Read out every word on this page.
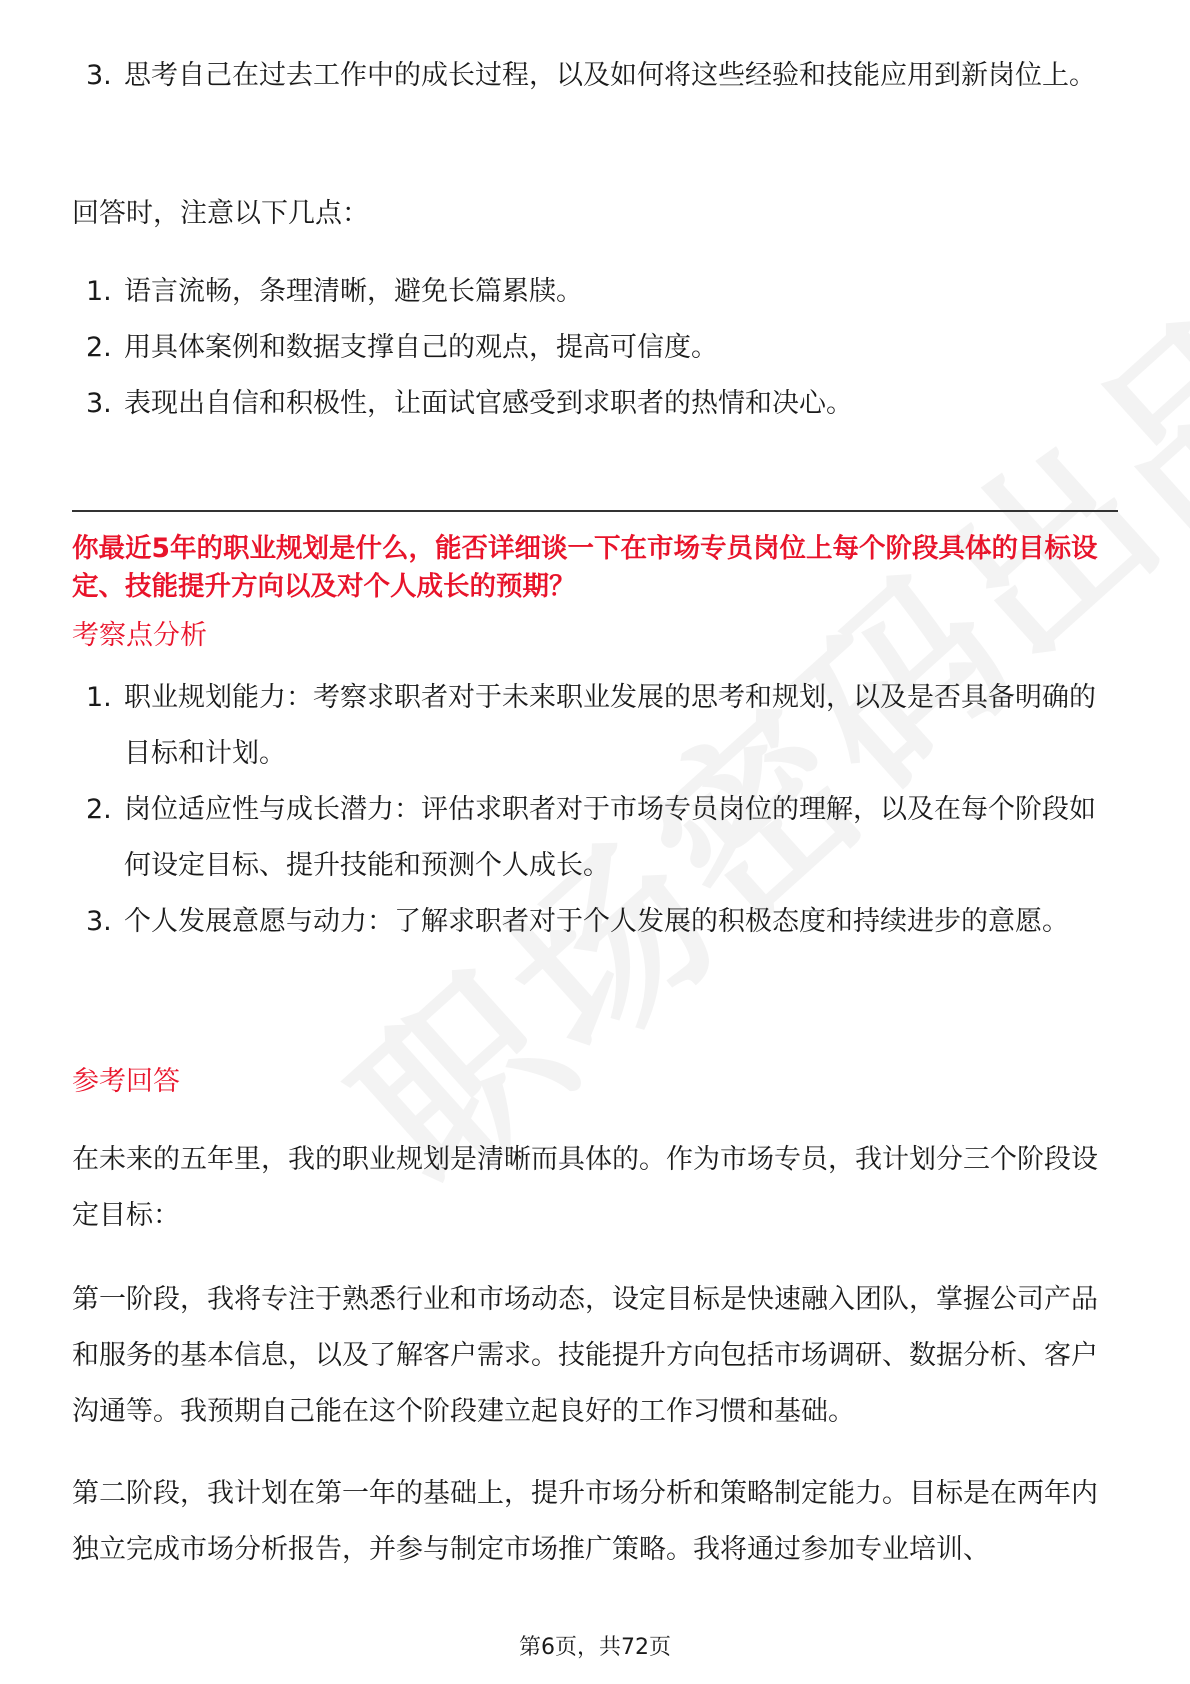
3. 思考自己在过去工作中的成长过程，以及如何将这些经验和技能应用到新岗位上。

回答时，注意以下几点：

1. 语言流畅，条理清晰，避免长篇累牍。
2. 用具体案例和数据支撑自己的观点，提高可信度。
3. 表现出自信和积极性，让面试官感受到求职者的热情和决心。

你最近5年的职业规划是什么，能否详细谈一下在市场专员岗位上每个阶段具体的目标设定、技能提升方向以及对个人成长的预期？

考察点分析

1. 职业规划能力：考察求职者对于未来职业发展的思考和规划，以及是否具备明确的目标和计划。
2. 岗位适应性与成长潜力：评估求职者对于市场专员岗位的理解，以及在每个阶段如何设定目标、提升技能和预测个人成长。
3. 个人发展意愿与动力：了解求职者对于个人发展的积极态度和持续进步的意愿。

参考回答

在未来的五年里，我的职业规划是清晰而具体的。作为市场专员，我计划分三个阶段设定目标：

第一阶段，我将专注于熟悉行业和市场动态，设定目标是快速融入团队，掌握公司产品和服务的基本信息，以及了解客户需求。技能提升方向包括市场调研、数据分析、客户沟通等。我预期自己能在这个阶段建立起良好的工作习惯和基础。

第二阶段，我计划在第一年的基础上，提升市场分析和策略制定能力。目标是在两年内独立完成市场分析报告，并参与制定市场推广策略。我将通过参加专业培训、

第6页，共72页
